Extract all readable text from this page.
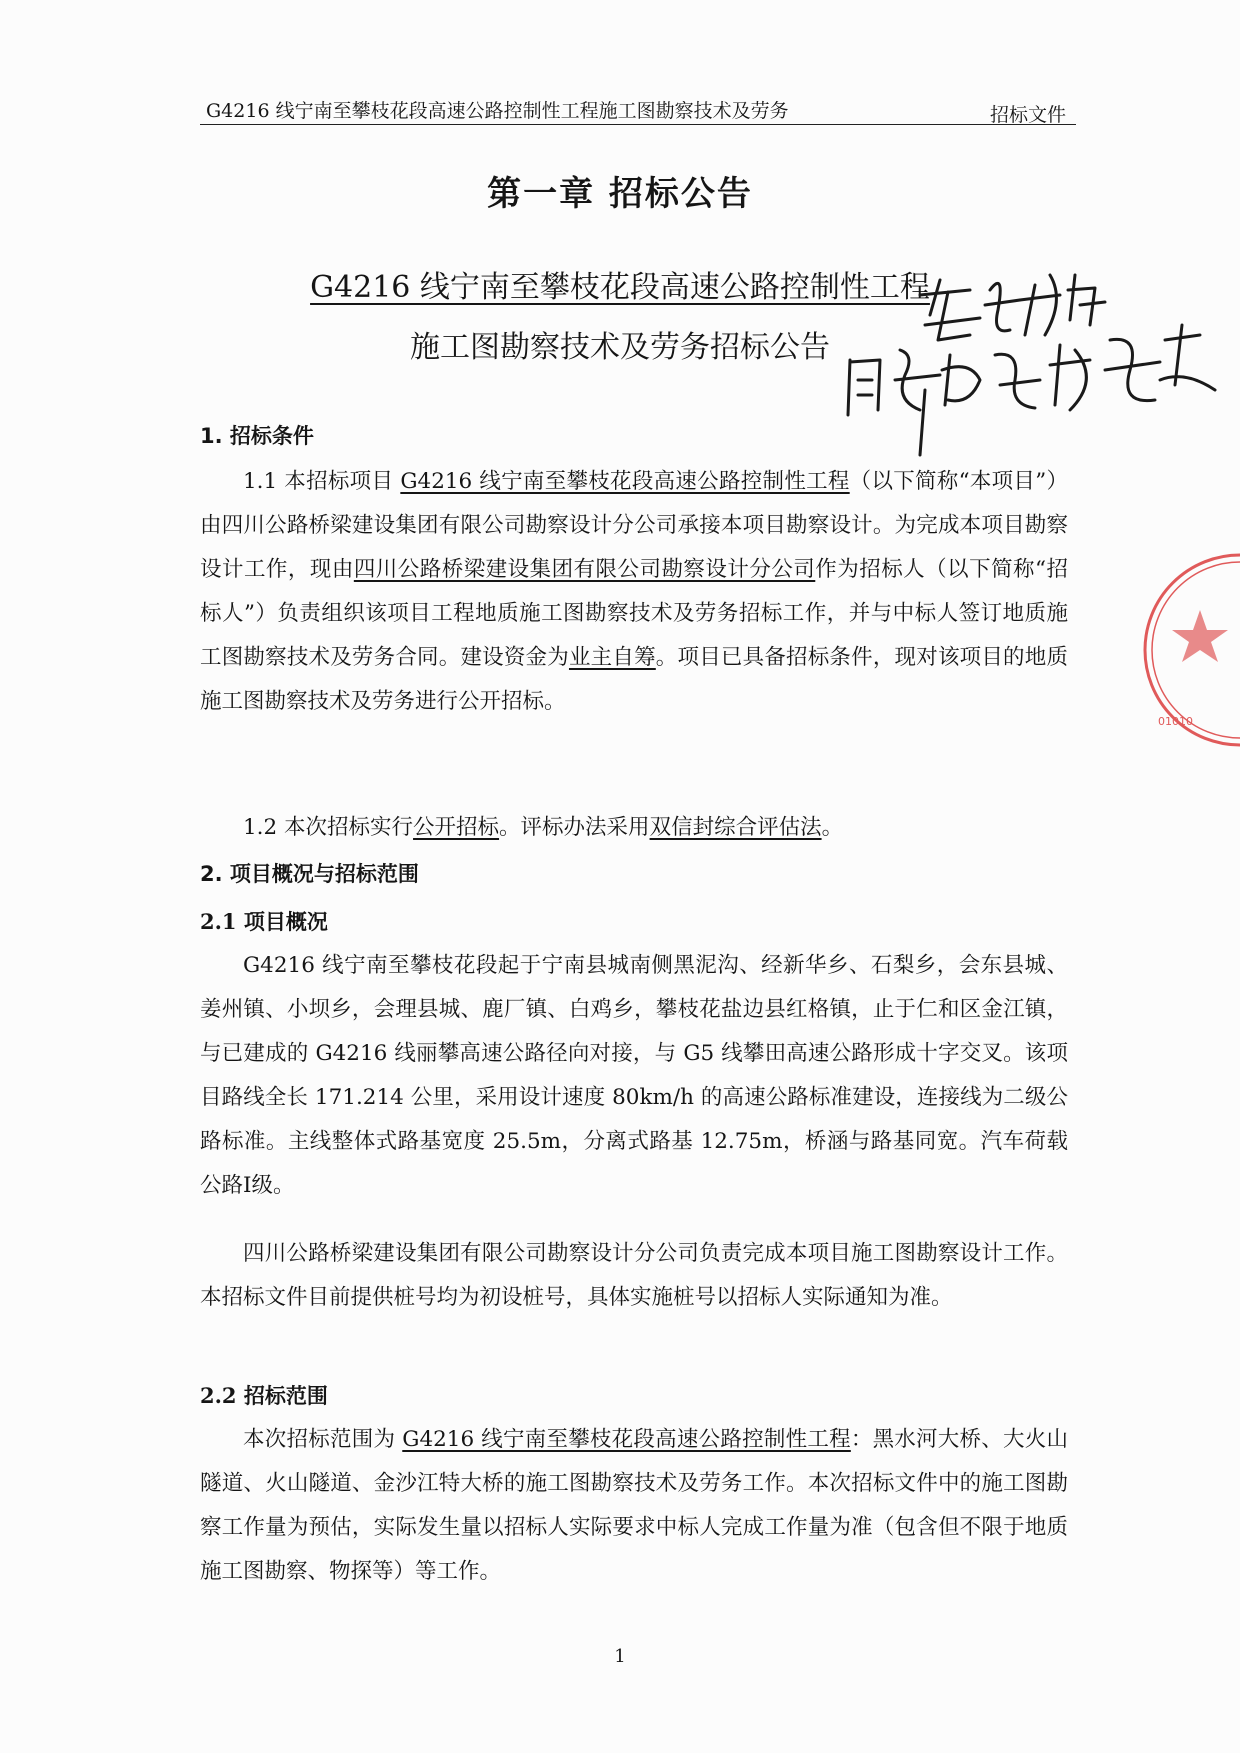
G4216 线宁南至攀枝花段高速公路控制性工程施工图勘察技术及劳务	招标文件
第一章 招标公告
G4216 线宁南至攀枝花段高速公路控制性工程
施工图勘察技术及劳务招标公告
01010
1. 招标条件

1.1 本招标项目 G4216 线宁南至攀枝花段高速公路控制性工程（以下简称“本项目”）由四川公路桥梁建设集团有限公司勘察设计分公司承接本项目勘察设计。为完成本项目勘察设计工作，现由四川公路桥梁建设集团有限公司勘察设计分公司作为招标人（以下简称“招标人”）负责组织该项目工程地质施工图勘察技术及劳务招标工作，并与中标人签订地质施工图勘察技术及劳务合同。建设资金为业主自筹。项目已具备招标条件，现对该项目的地质施工图勘察技术及劳务进行公开招标。

1.2 本次招标实行公开招标。评标办法采用双信封综合评估法。

2. 项目概况与招标范围
2.1 项目概况

G4216 线宁南至攀枝花段起于宁南县城南侧黑泥沟、经新华乡、石梨乡，会东县城、姜州镇、小坝乡，会理县城、鹿厂镇、白鸡乡，攀枝花盐边县红格镇，止于仁和区金江镇，与已建成的 G4216 线丽攀高速公路径向对接，与 G5 线攀田高速公路形成十字交叉。该项目路线全长 171.214 公里，采用设计速度 80km/h 的高速公路标准建设，连接线为二级公路标准。主线整体式路基宽度 25.5m，分离式路基 12.75m，桥涵与路基同宽。汽车荷载公路Ⅰ级。

四川公路桥梁建设集团有限公司勘察设计分公司负责完成本项目施工图勘察设计工作。本招标文件目前提供桩号均为初设桩号，具体实施桩号以招标人实际通知为准。

2.2 招标范围

本次招标范围为 G4216 线宁南至攀枝花段高速公路控制性工程：黑水河大桥、大火山隧道、火山隧道、金沙江特大桥的施工图勘察技术及劳务工作。本次招标文件中的施工图勘察工作量为预估，实际发生量以招标人实际要求中标人完成工作量为准（包含但不限于地质施工图勘察、物探等）等工作。

1
